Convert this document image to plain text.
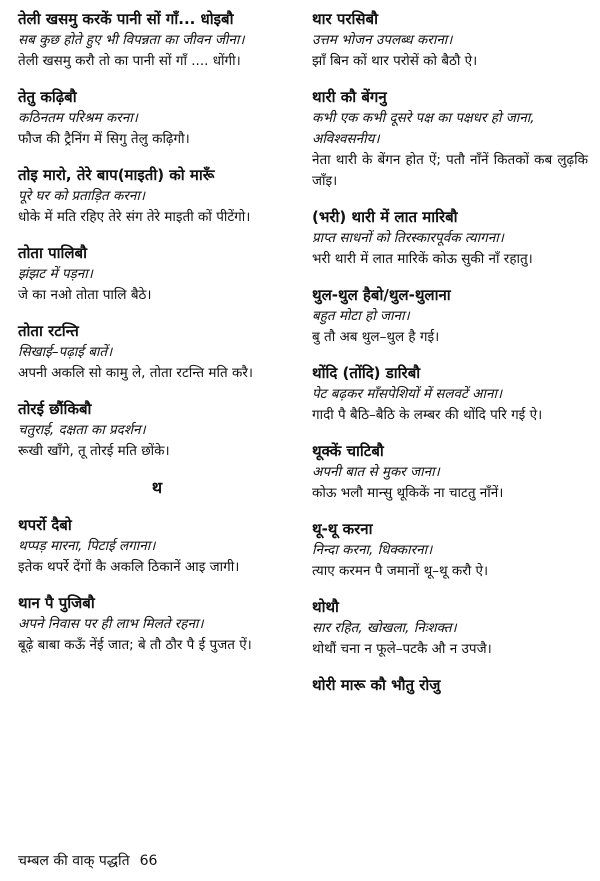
तेली खसमु करकें पानी सों गाँ... धोइबौ

सब कुछ होते हुए भी विपन्नता का जीवन जीना।

तेली खसमु करौ तो का पानी सों गाँ .... धोंगी।

तेतु कढ़िबौ

कठिनतम परिश्रम करना।

फौज की ट्रैनिंग में सिगु तेलु कढ़िगौ।

तोइ मारो, तेरे बाप(माइती) को मारूँ

पूरे घर को प्रताड़ित करना।

धोके में मति रहिए तेरे संग तेरे माइती कों पीटेंगो।

तोता पालिबौ

झंझट में पड़ना।

जे का नओ तोता पालि बैठे।

तोता रटन्ति

सिखाई–पढ़ाई बातें।

अपनी अकलि सो कामु ले, तोता रटन्ति मति करै।

तोरई छौंकिबौ

चतुराई, दक्षता का प्रदर्शन।

रूखी खाँगे, तू तोरई मति छोंके।

थ

थपर्रो दैबो

थप्पड़ मारना, पिटाई लगाना।

इतेक थपर्रे देंगों कै अकलि ठिकानें आइ जागी।

थान पै पुजिबौ

अपने निवास पर ही लाभ मिलते रहना।

बूढ़े बाबा कऊँ नेंई जात; बे तौ ठौर पै ई पुजत ऐं।

थार परसिबौ

उत्तम भोजन उपलब्ध कराना।

झाँ बिन कों थार परोसें को बैठौ ऐ।

थारी कौ बेंगनु

कभी एक कभी दूसरे पक्ष का पक्षधर हो जाना, अविश्वसनीय।

नेता थारी के बेंगन होत ऐं; पतौ नाँनें कितकों कब लुढ़कि जाँइ।

(भरी) थारी में लात मारिबौ

प्राप्त साधनों को तिरस्कारपूर्वक त्यागना।

भरी थारी में लात मारिकें कोऊ सुकी नाँ रहातु।

थुल-थुल हैबो/थुल-थुलाना

बहुत मोटा हो जाना।

बु तौ अब थुल–थुल है गई।

थोंदि (तोंदि) डारिबौ

पेट बढ़कर माँसपेशियों में सलवटें आना।

गादी पै बैठि–बैठि के लम्बर की थोंदि परि गई ऐ।

थूक्कें चाटिबौ

अपनी बात से मुकर जाना।

कोऊ भलौ मान्सु थूकिकें ना चाटतु नाँनें।

थू-थू करना

निन्दा करना, धिक्कारना।

त्याए करमन पै जमानों थू–थू करौ ऐ।

थोथौ

सार रहित, खोखला, निःशक्त।

थोथौं चना न फूले–पटकै औ न उपजै।

थोरी मारू कौ भौतु रोजु

चम्बल की वाक् पद्धति 66
